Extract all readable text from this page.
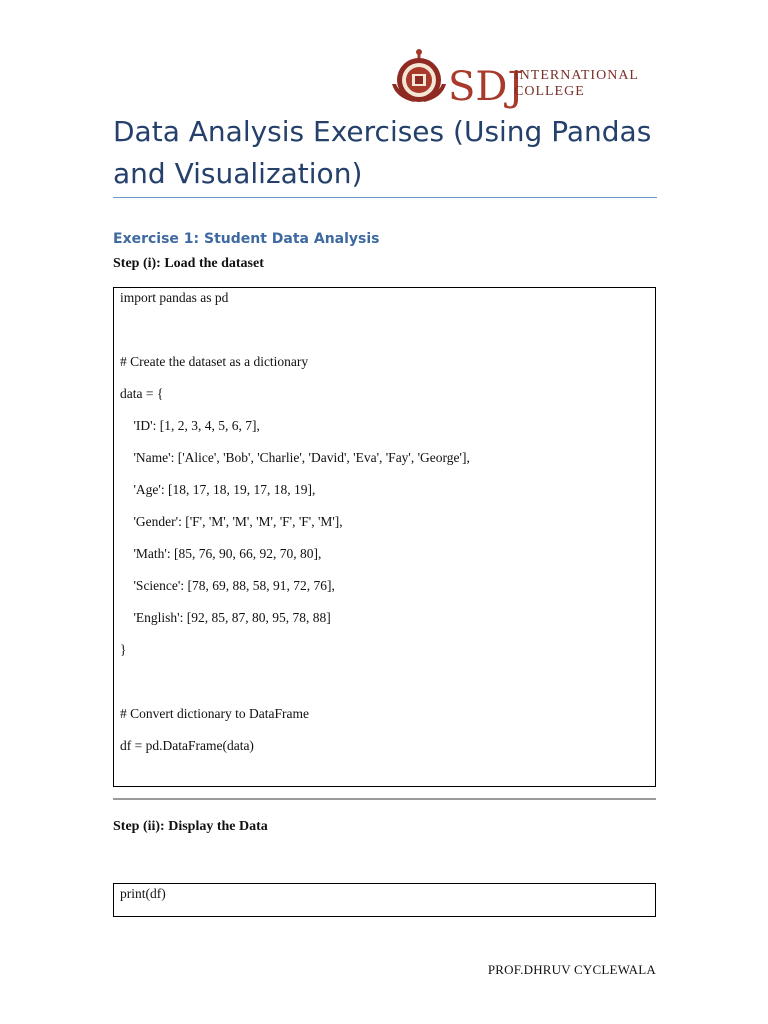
SDJ
INTERNATIONAL
COLLEGE
Data Analysis Exercises (Using Pandas
and Visualization)
Exercise 1: Student Data Analysis

Step (i): Load the dataset

import pandas as pd
# Create the dataset as a dictionary
data = {
'ID': [1, 2, 3, 4, 5, 6, 7],
'Name': ['Alice', 'Bob', 'Charlie', 'David', 'Eva', 'Fay', 'George'],
'Age': [18, 17, 18, 19, 17, 18, 19],
'Gender': ['F', 'M', 'M', 'M', 'F', 'F', 'M'],
'Math': [85, 76, 90, 66, 92, 70, 80],
'Science': [78, 69, 88, 58, 91, 72, 76],
'English': [92, 85, 87, 80, 95, 78, 88]
}
# Convert dictionary to DataFrame
df = pd.DataFrame(data)

Step (ii): Display the Data

print(df)
PROF.DHRUV CYCLEWALA
